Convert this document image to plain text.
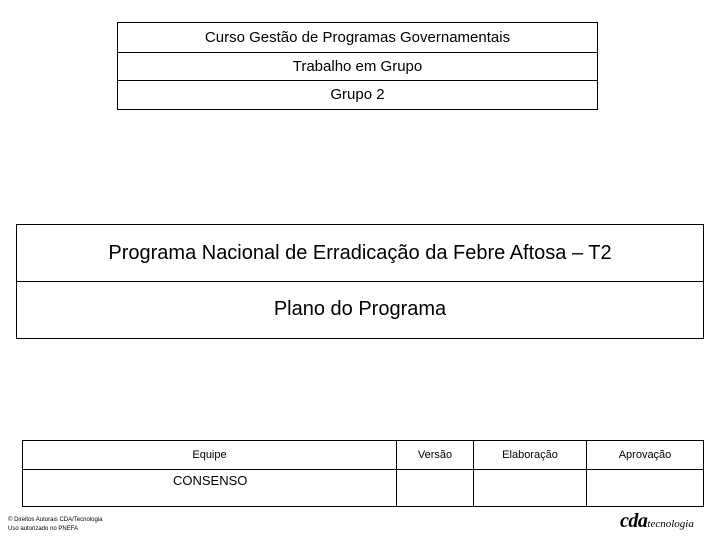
Curso Gestão de Programas Governamentais
Trabalho em Grupo
Grupo 2
Programa Nacional de Erradicação da Febre Aftosa – T2
Plano do Programa
Equipe	Versão	Elaboração	Aprovação

CONSENSO			

© Direitos Autorais CDA/Tecnologia
Uso autorizado no PNEFA	cdatecnologia
